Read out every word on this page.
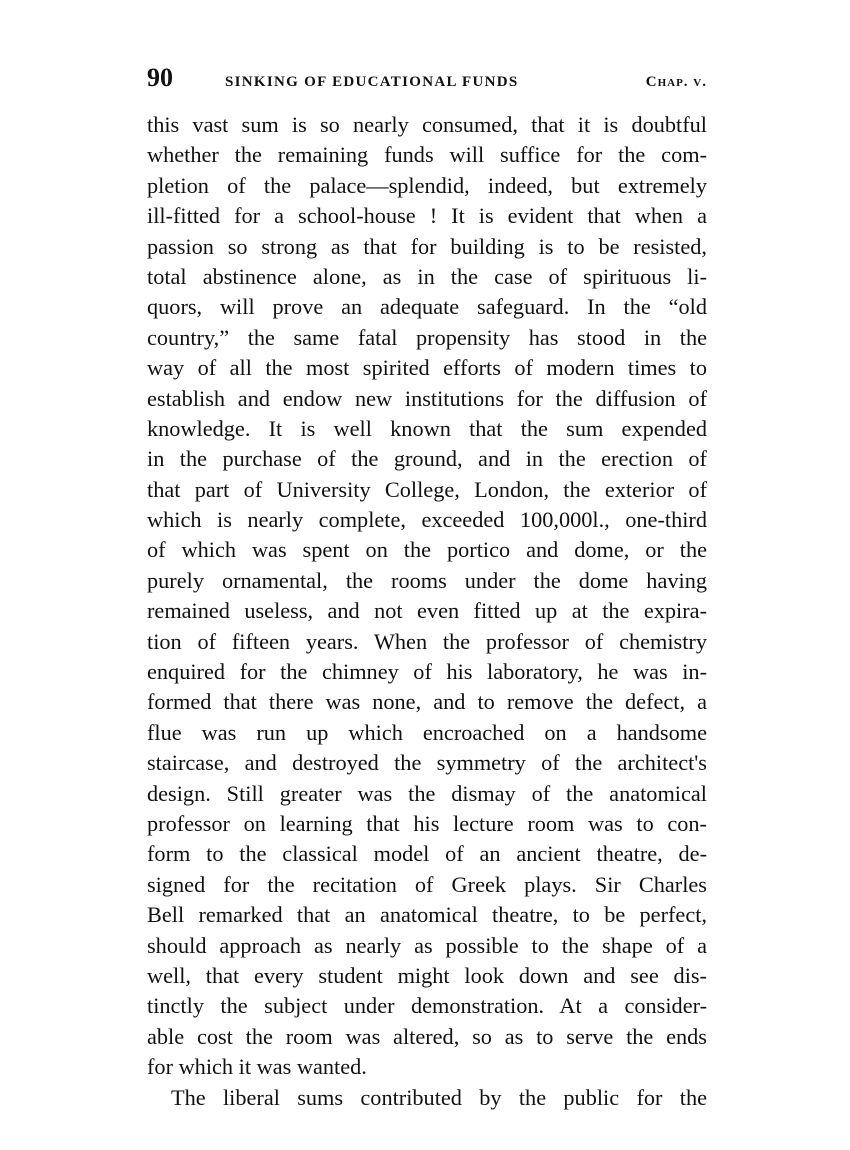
90	SINKING OF EDUCATIONAL FUNDS	Chap. v.
this vast sum is so nearly consumed, that it is doubtful
whether the remaining funds will suffice for the com-
pletion of the palace—splendid, indeed, but extremely
ill-fitted for a school-house ! It is evident that when a
passion so strong as that for building is to be resisted,
total abstinence alone, as in the case of spirituous li-
quors, will prove an adequate safeguard. In the “old
country,” the same fatal propensity has stood in the
way of all the most spirited efforts of modern times to
establish and endow new institutions for the diffusion of
knowledge. It is well known that the sum expended
in the purchase of the ground, and in the erection of
that part of University College, London, the exterior of
which is nearly complete, exceeded 100,000l., one-third
of which was spent on the portico and dome, or the
purely ornamental, the rooms under the dome having
remained useless, and not even fitted up at the expira-
tion of fifteen years. When the professor of chemistry
enquired for the chimney of his laboratory, he was in-
formed that there was none, and to remove the defect, a
flue was run up which encroached on a handsome
staircase, and destroyed the symmetry of the architect's
design. Still greater was the dismay of the anatomical
professor on learning that his lecture room was to con-
form to the classical model of an ancient theatre, de-
signed for the recitation of Greek plays. Sir Charles
Bell remarked that an anatomical theatre, to be perfect,
should approach as nearly as possible to the shape of a
well, that every student might look down and see dis-
tinctly the subject under demonstration. At a consider-
able cost the room was altered, so as to serve the ends
for which it was wanted.
The liberal sums contributed by the public for the
